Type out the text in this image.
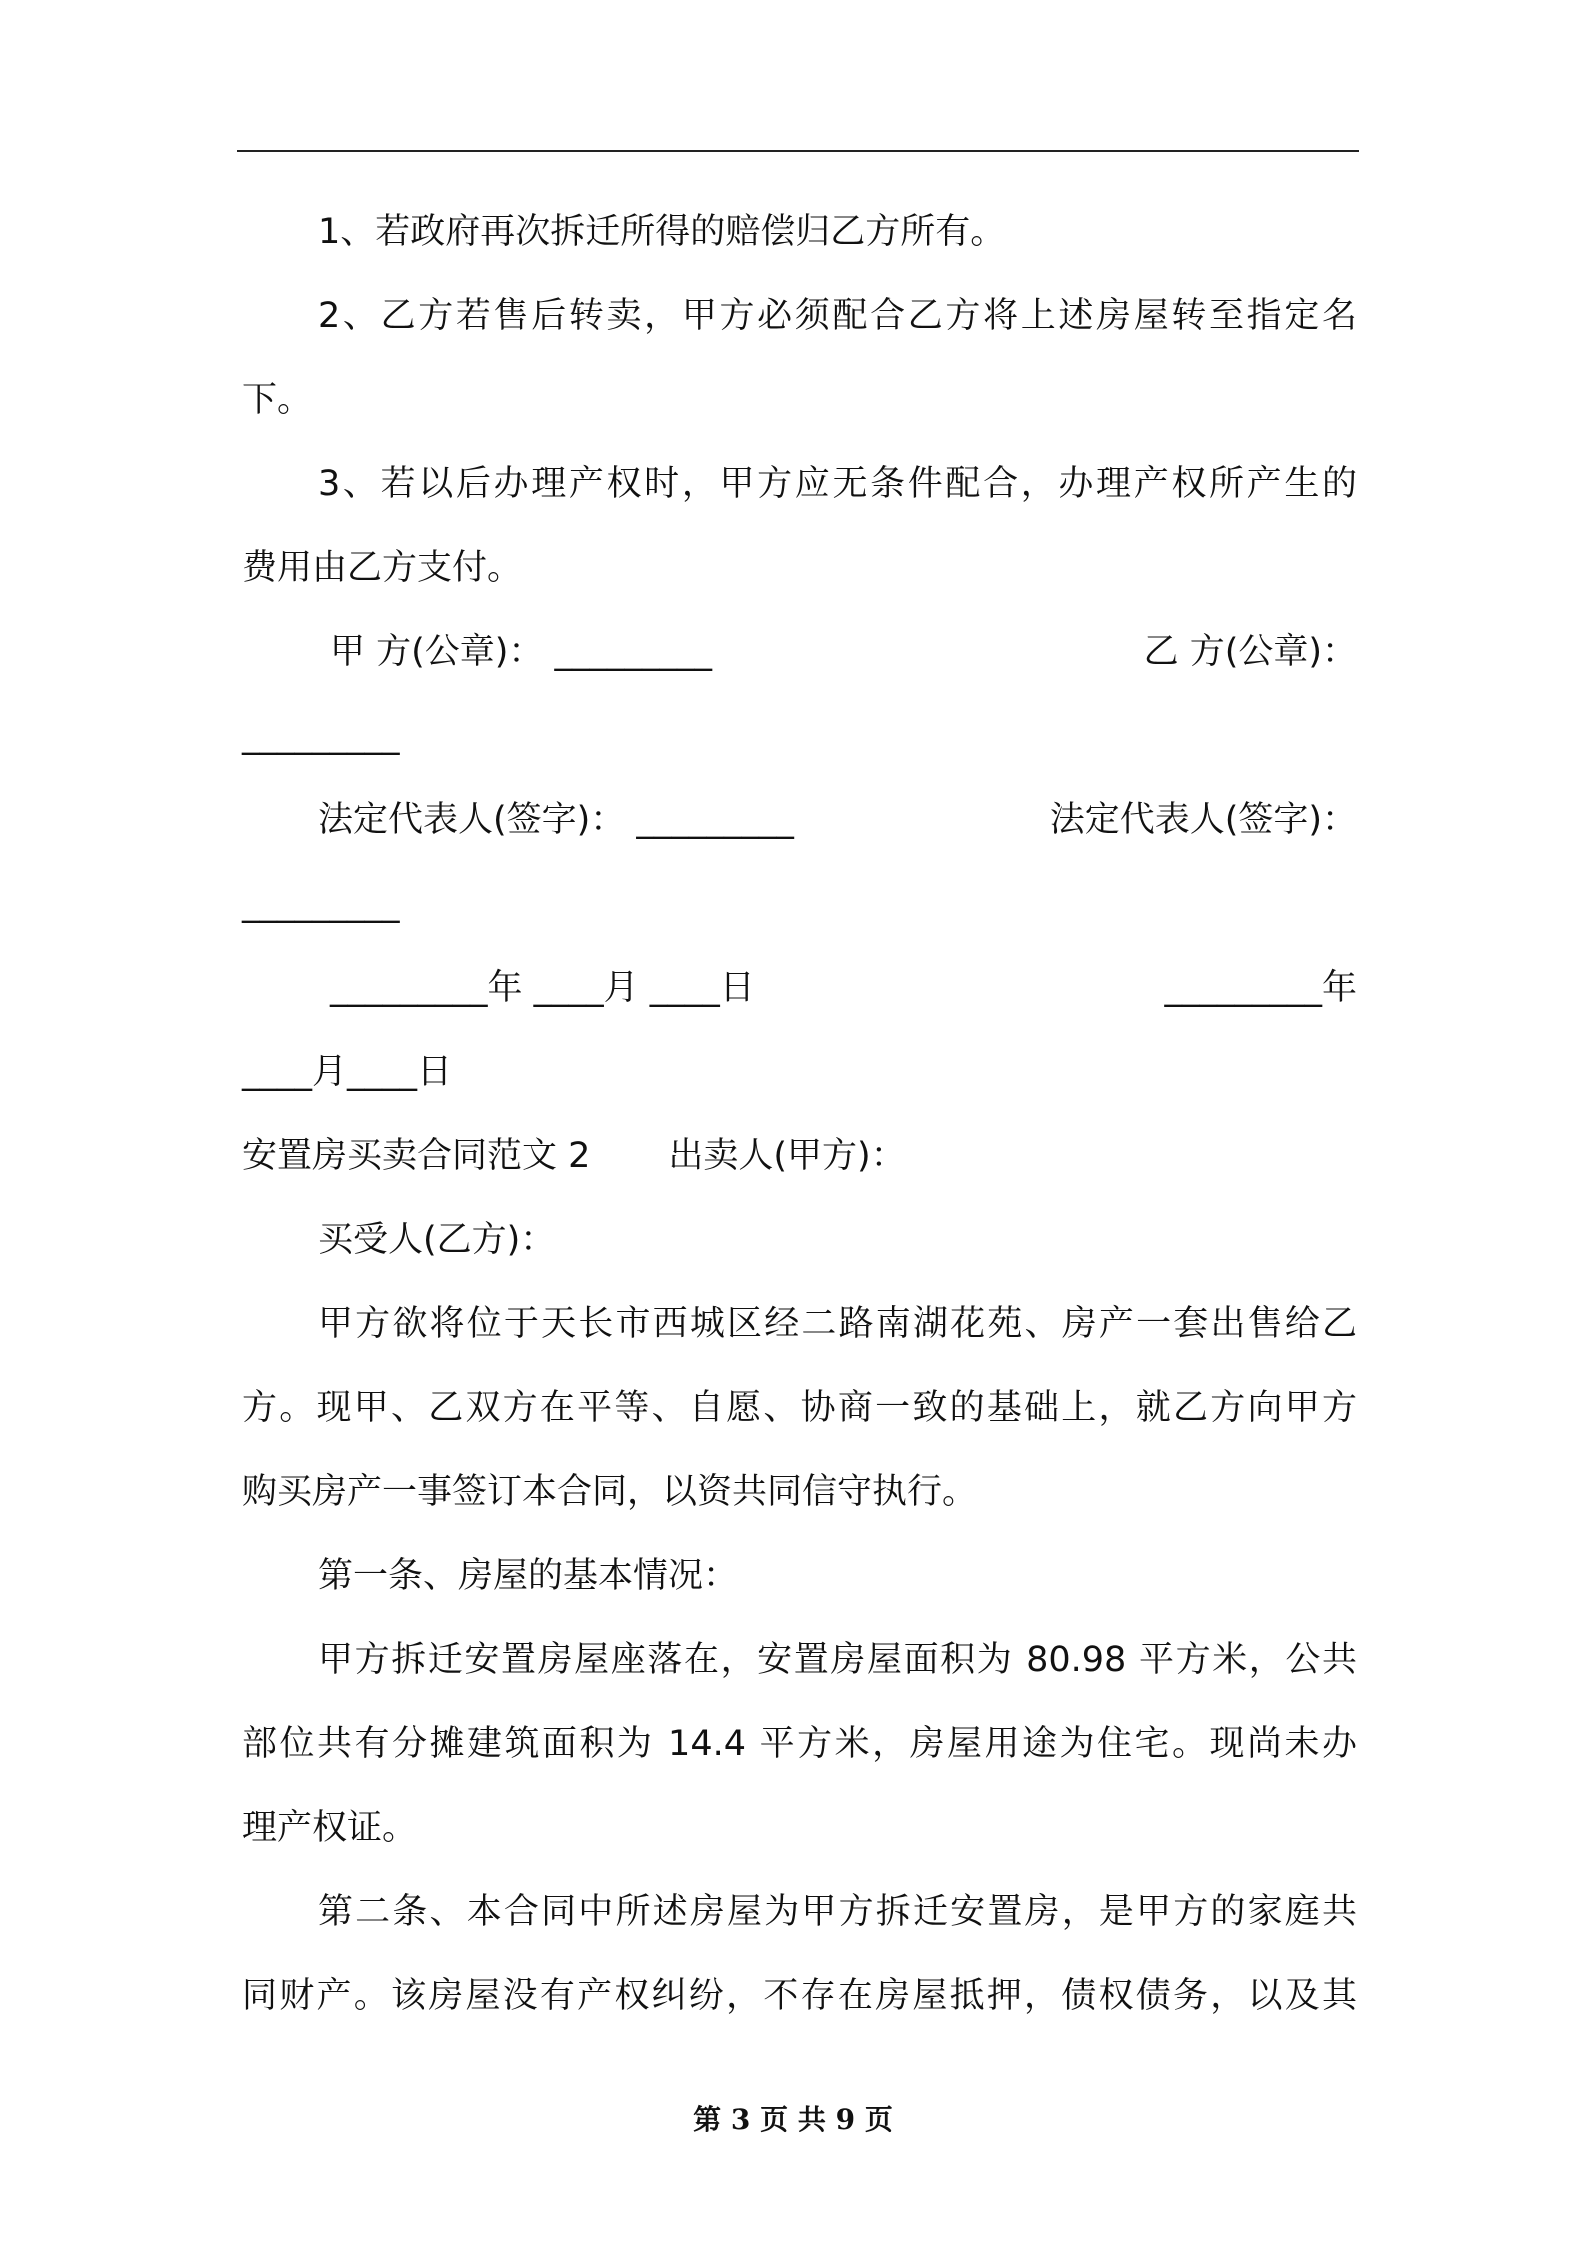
1、若政府再次拆迁所得的赔偿归乙方所有。
2、乙方若售后转卖，甲方必须配合乙方将上述房屋转至指定名
下。
3、若以后办理产权时，甲方应无条件配合，办理产权所产生的
费用由乙方支付。
甲 方(公章)： _________	乙 方(公章)：
_________
法定代表人(签字)： _________	法定代表人(签字)：
_________
_________年 ____月 ____日	_________年
____月____日
安置房买卖合同范文 2 出卖人(甲方)：
买受人(乙方)：
甲方欲将位于天长市西城区经二路南湖花苑、房产一套出售给乙
方。现甲、乙双方在平等、自愿、协商一致的基础上，就乙方向甲方
购买房产一事签订本合同，以资共同信守执行。
第一条、房屋的基本情况：
甲方拆迁安置房屋座落在，安置房屋面积为 80.98 平方米，公共
部位共有分摊建筑面积为 14.4 平方米，房屋用途为住宅。现尚未办
理产权证。
第二条、本合同中所述房屋为甲方拆迁安置房，是甲方的家庭共
同财产。该房屋没有产权纠纷，不存在房屋抵押，债权债务，以及其
第 3 页 共 9 页
